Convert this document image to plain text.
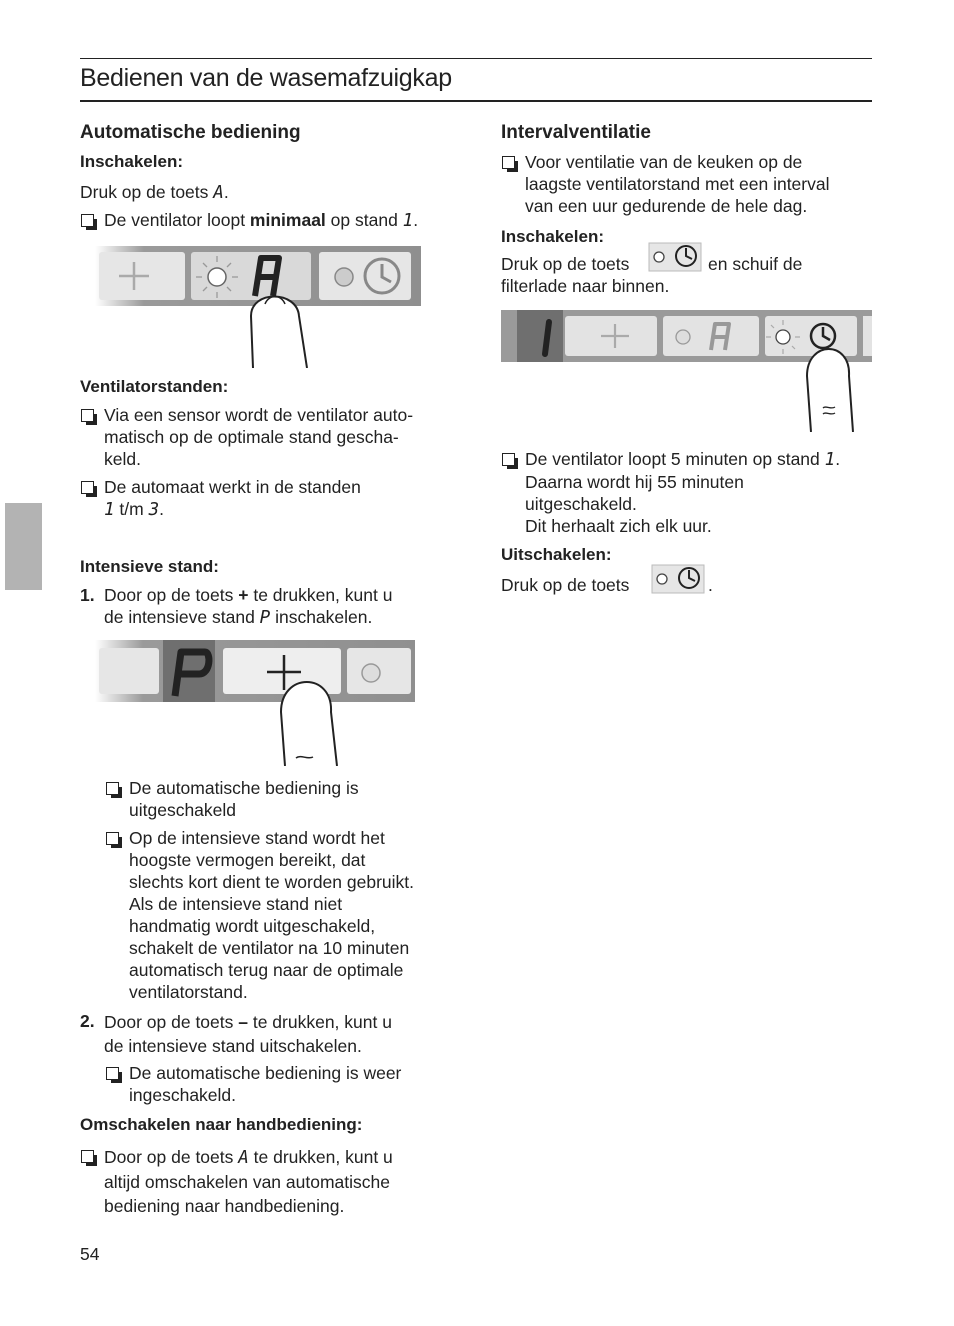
Bedienen van de wasemafzuigkap
Automatische bediening
Inschakelen:
Druk op de toets A.
De ventilator loopt minimaal op stand 1.
Ventilatorstanden:
Via een sensor wordt de ventilator auto-
matisch op de optimale stand gescha-
keld.
De automaat werkt in de standen
1 t/m 3.
Intensieve stand:
1. Door op de toets + te drukken, kunt u
de intensieve stand P inschakelen.
De automatische bediening is
uitgeschakeld
Op de intensieve stand wordt het
hoogste vermogen bereikt, dat
slechts kort dient te worden gebruikt.
Als de intensieve stand niet
handmatig wordt uitgeschakeld,
schakelt de ventilator na 10 minuten
automatisch terug naar de optimale
ventilatorstand.
2. Door op de toets – te drukken, kunt u
de intensieve stand uitschakelen.
De automatische bediening is weer
ingeschakeld.
Omschakelen naar handbediening:
Door op de toets A te drukken, kunt u
altijd omschakelen van automatische
bediening naar handbediening.
54
Intervalventilatie
Voor ventilatie van de keuken op de
laagste ventilatorstand met een interval
van een uur gedurende de hele dag.
Inschakelen:
Druk op de toets	en schuif de
filterlade naar binnen.
De ventilator loopt 5 minuten op stand 1.
Daarna wordt hij 55 minuten
uitgeschakeld.
Dit herhaalt zich elk uur.
Uitschakelen:
Druk op de toets	.
